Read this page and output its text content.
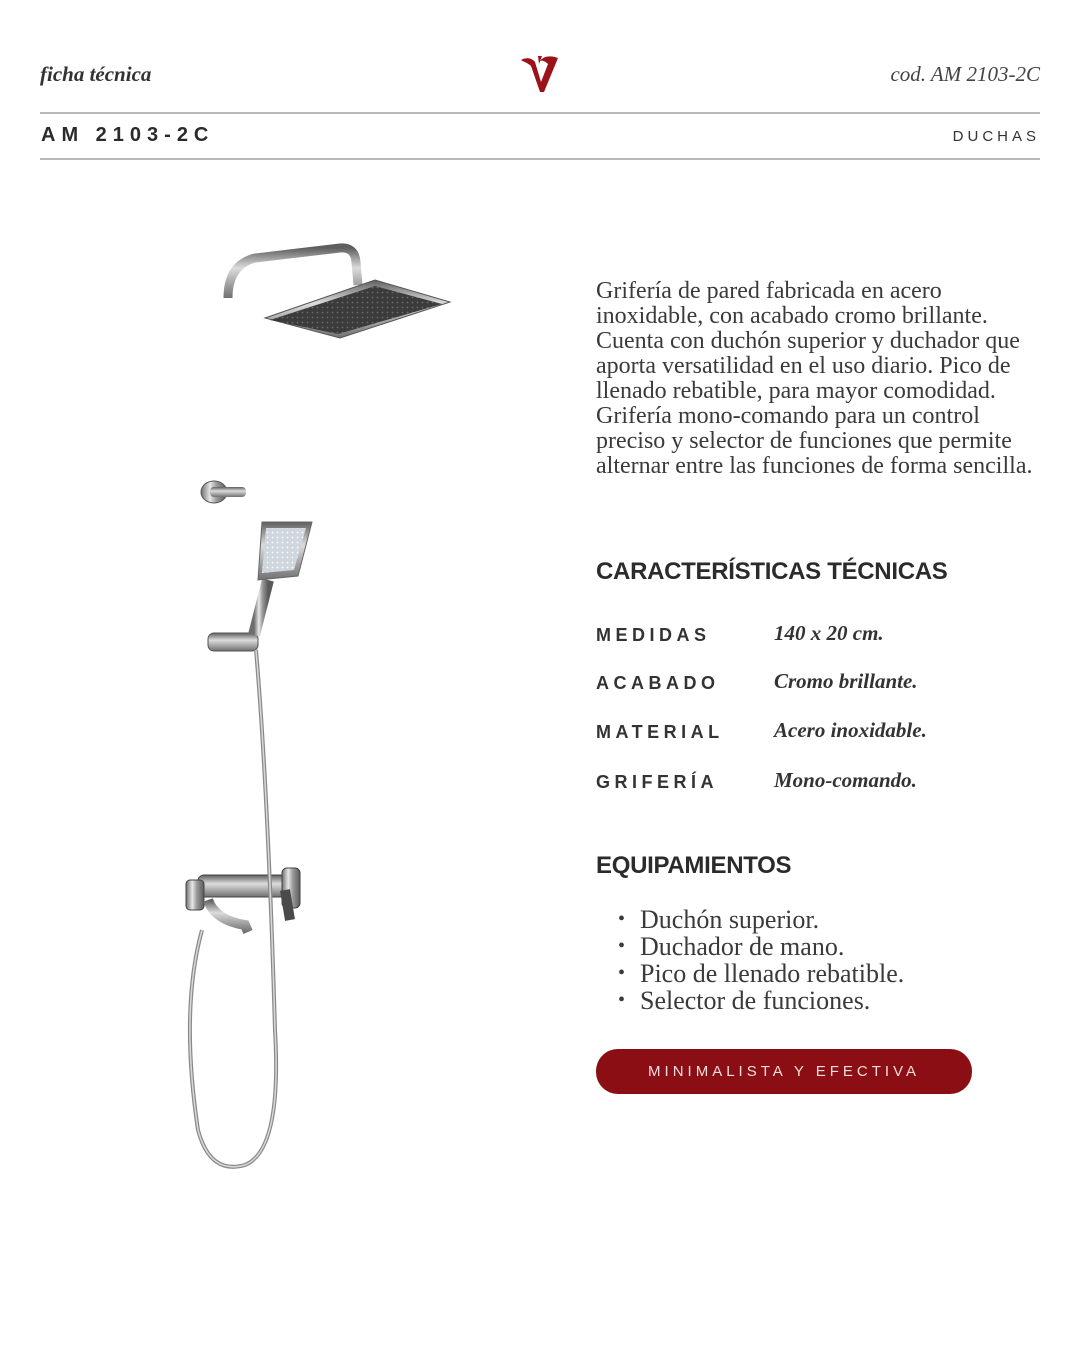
ficha técnica	cod. AM 2103-2C
AM 2103-2C	DUCHAS

Grifería de pared fabricada en acero inoxidable, con acabado cromo brillante. Cuenta con duchón superior y duchador que aporta versatilidad en el uso diario. Pico de llenado rebatible, para mayor comodidad. Grifería mono-comando para un control preciso y selector de funciones que permite alternar entre las funciones de forma sencilla.

CARACTERÍSTICAS TÉCNICAS
MEDIDAS	140 x 20 cm.
ACABADO	Cromo brillante.
MATERIAL Acero inoxidable.
GRIFERÍA	Mono-comando.
EQUIPAMIENTOS
• Duchón superior.
• Duchador de mano.
• Pico de llenado rebatible.
• Selector de funciones.
MINIMALISTA Y EFECTIVA
